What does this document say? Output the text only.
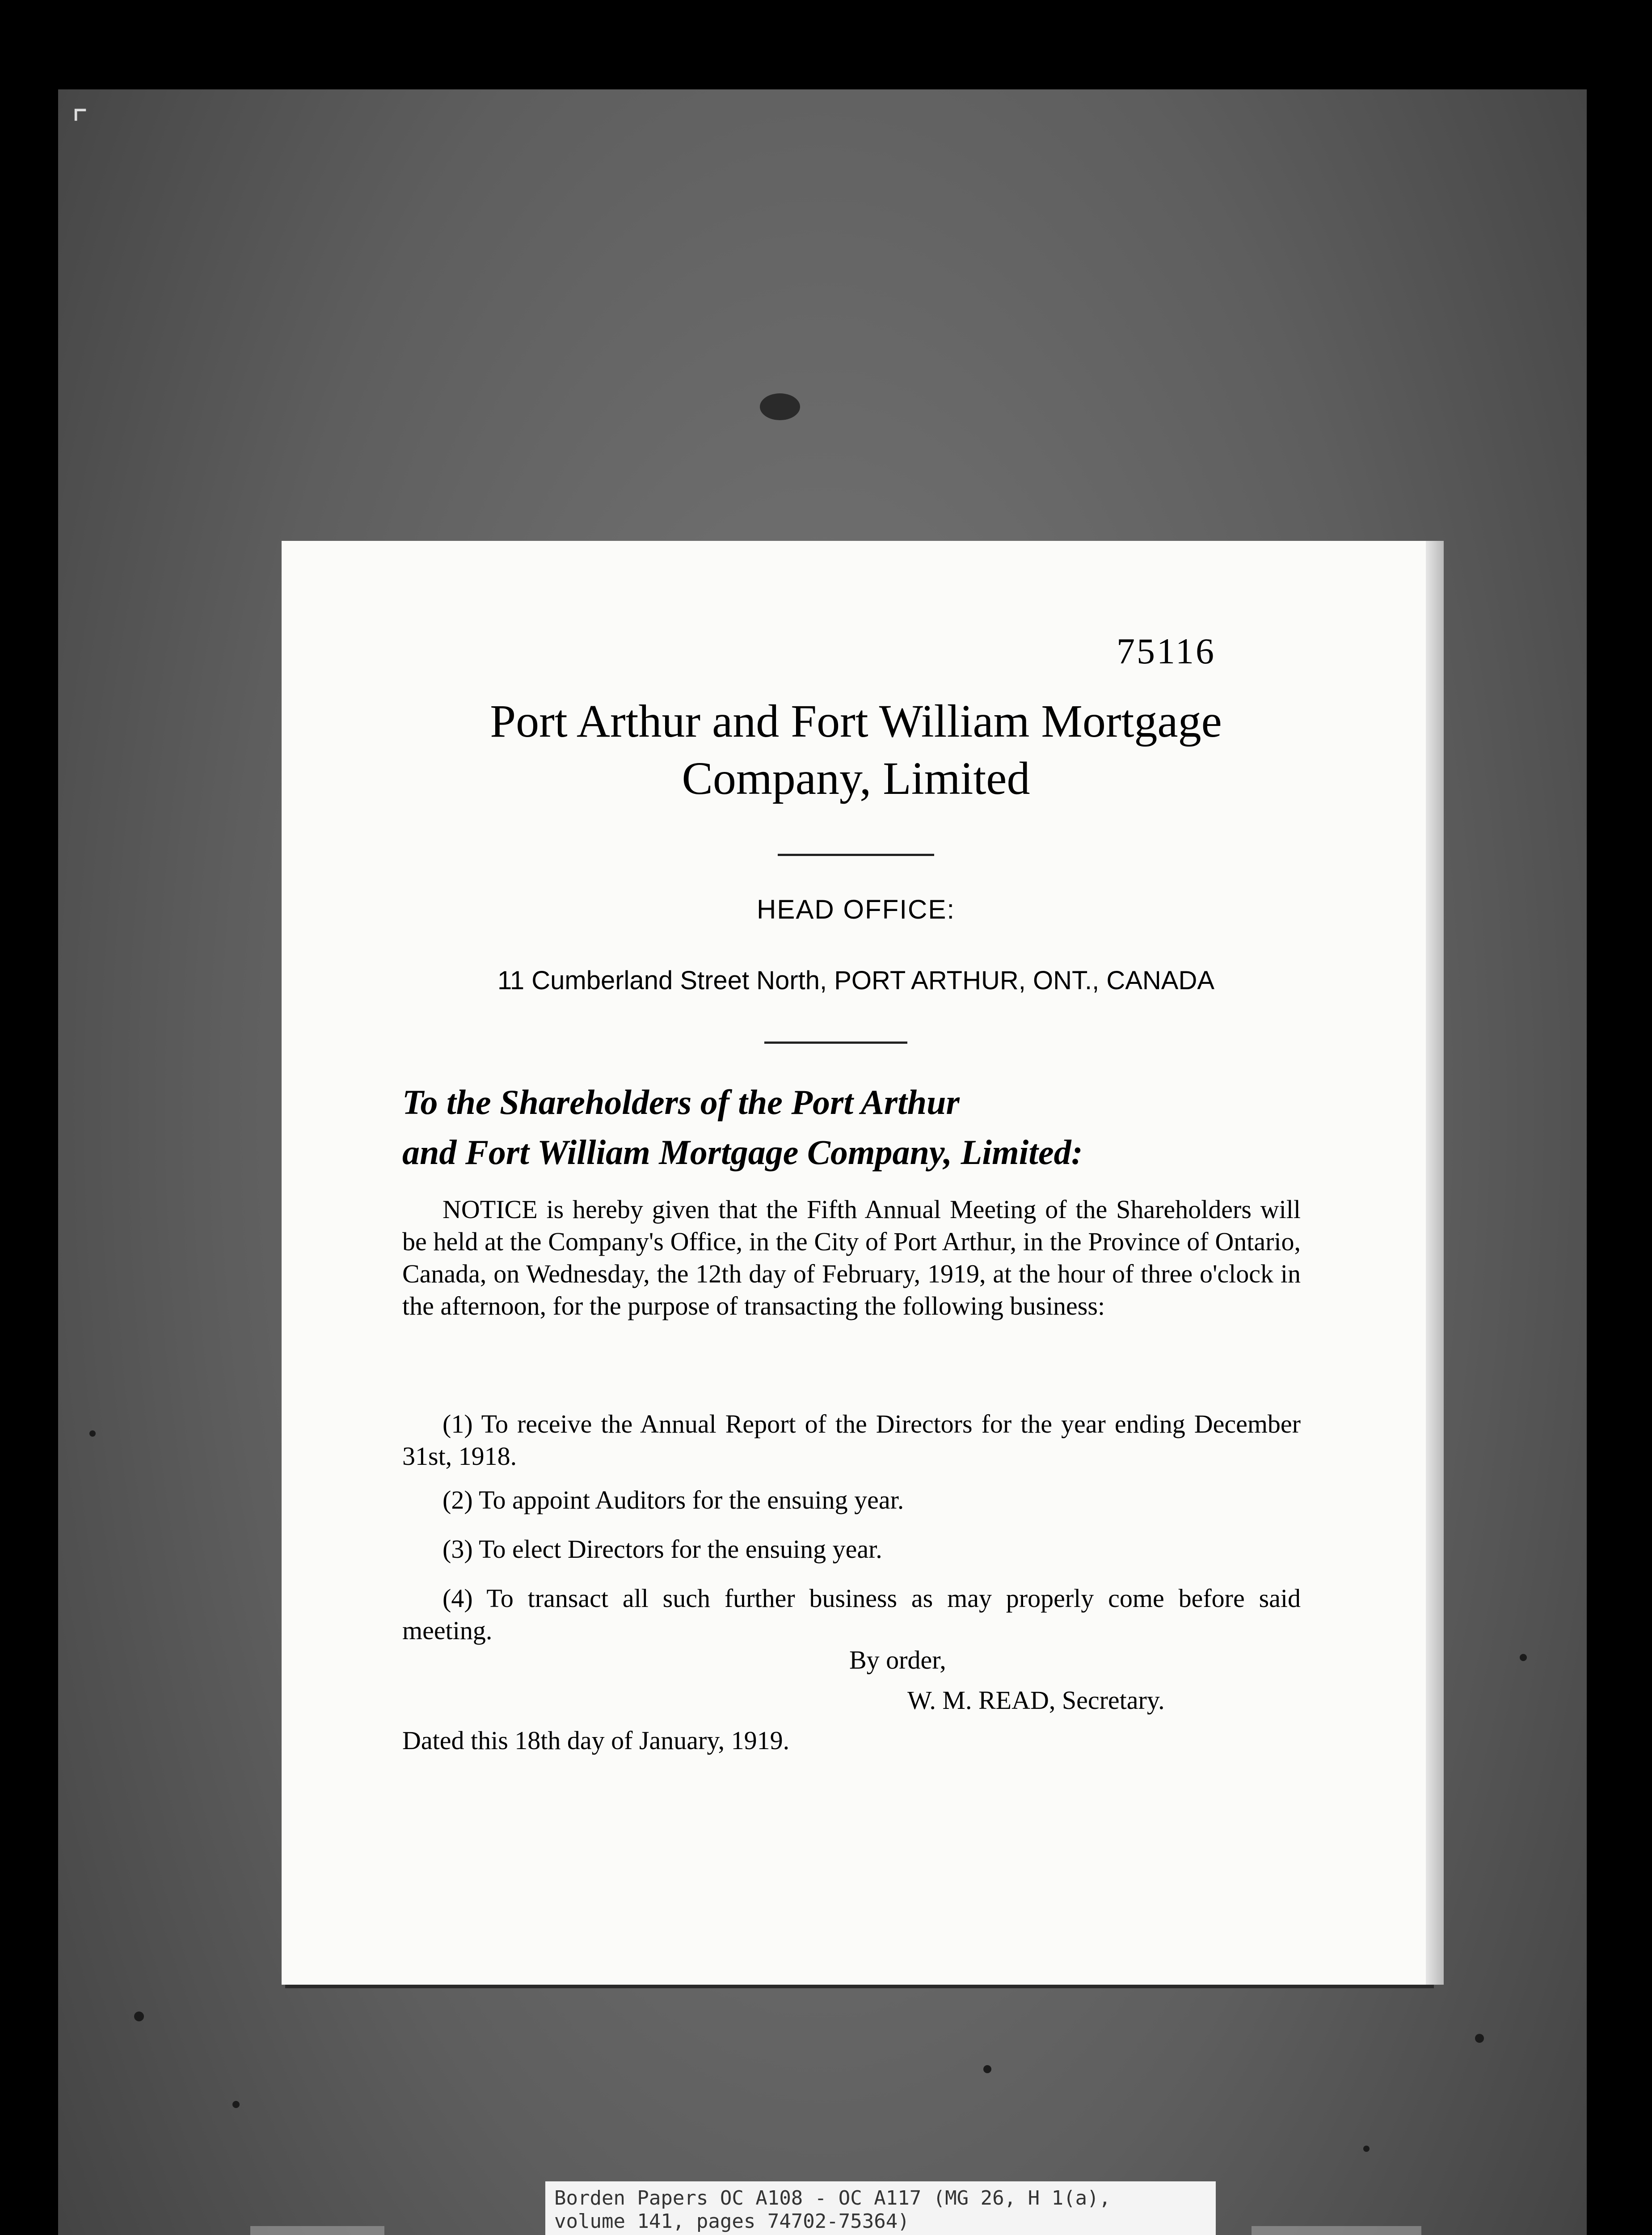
⌜
75116
Port Arthur and Fort William Mortgage
Company, Limited
HEAD OFFICE:
11 Cumberland Street North, PORT ARTHUR, ONT., CANADA
To the Shareholders of the Port Arthur
and Fort William Mortgage Company, Limited:
NOTICE is hereby given that the Fifth Annual Meeting of the Shareholders will be held at the Company's Office, in the City of Port Arthur, in the Province of Ontario, Canada, on Wednesday, the 12th day of February, 1919, at the hour of three o'clock in the afternoon, for the purpose of transacting the following business:
(1) To receive the Annual Report of the Directors for the year ending December 31st, 1918.
(2) To appoint Auditors for the ensuing year.
(3) To elect Directors for the ensuing year.
(4) To transact all such further business as may properly come before said meeting.
By order,
W. M. READ, Secretary.
Dated this 18th day of January, 1919.
Borden Papers OC A108 - OC A117 (MG 26, H 1(a),
volume 141, pages 74702-75364)
